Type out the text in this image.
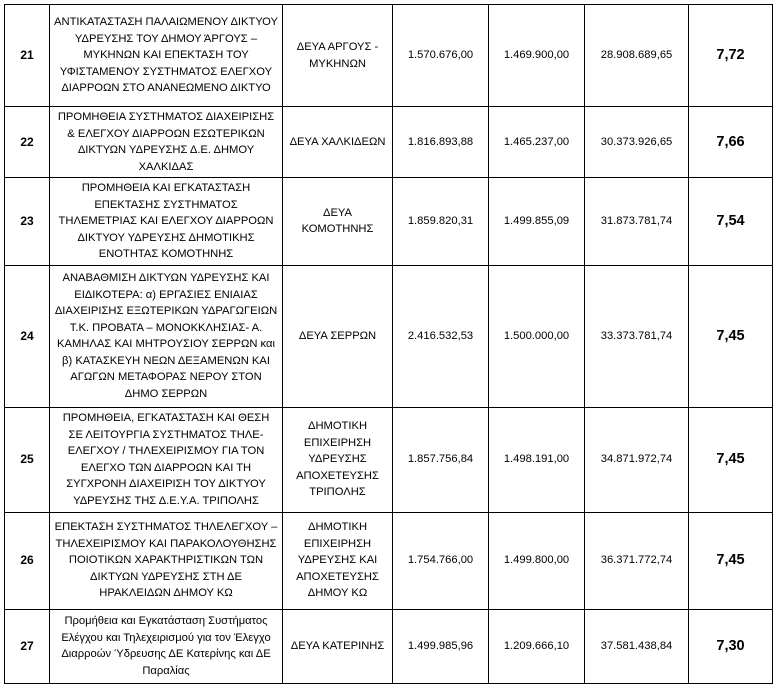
21	ΑΝΤΙΚΑΤΑΣΤΑΣΗ ΠΑΛΑΙΩΜΕΝΟΥ ΔΙΚΤΥΟΥ ΥΔΡΕΥΣΗΣ ΤΟΥ ΔΗΜΟΥ ΆΡΓΟΥΣ – ΜΥΚΗΝΩΝ ΚΑΙ ΕΠΕΚΤΑΣΗ ΤΟΥ ΥΦΙΣΤΑΜΕΝΟΥ ΣΥΣΤΗΜΑΤΟΣ ΕΛΕΓΧΟΥ ΔΙΑΡΡΟΩΝ ΣΤΟ ΑΝΑΝΕΩΜΕΝΟ ΔΙΚΤΥΟ	ΔΕΥΑ ΑΡΓΟΥΣ - ΜΥΚΗΝΩΝ	1.570.676,00	1.469.900,00	28.908.689,65	7,72
22	ΠΡΟΜΗΘΕΙΑ ΣΥΣΤΗΜΑΤΟΣ ΔΙΑΧΕΙΡΙΣΗΣ & ΕΛΕΓΧΟΥ ΔΙΑΡΡΟΩΝ ΕΣΩΤΕΡΙΚΩΝ ΔΙΚΤΥΩΝ ΥΔΡΕΥΣΗΣ Δ.Ε. ΔΗΜΟΥ ΧΑΛΚΙΔΑΣ	ΔΕΥΑ ΧΑΛΚΙΔΕΩΝ	1.816.893,88	1.465.237,00	30.373.926,65	7,66
23	ΠΡΟΜΗΘΕΙΑ ΚΑΙ ΕΓΚΑΤΑΣΤΑΣΗ ΕΠΕΚΤΑΣΗΣ ΣΥΣΤΗΜΑΤΟΣ ΤΗΛΕΜΕΤΡΙΑΣ ΚΑΙ ΕΛΕΓΧΟΥ ΔΙΑΡΡΟΩΝ ΔΙΚΤΥΟΥ ΥΔΡΕΥΣΗΣ ΔΗΜΟΤΙΚΗΣ ΕΝΟΤΗΤΑΣ ΚΟΜΟΤΗΝΗΣ	ΔΕΥΑ ΚΟΜΟΤΗΝΗΣ	1.859.820,31	1.499.855,09	31.873.781,74	7,54
24	ΑΝΑΒΑΘΜΙΣΗ ΔΙΚΤΥΩΝ ΥΔΡΕΥΣΗΣ ΚΑΙ ΕΙΔΙΚΟΤΕΡΑ: α) ΕΡΓΑΣΙΕΣ ΕΝΙΑΙΑΣ ΔΙΑΧΕΙΡΙΣΗΣ ΕΞΩΤΕΡΙΚΩΝ ΥΔΡΑΓΩΓΕΙΩΝ Τ.Κ. ΠΡΟΒΑΤΑ – ΜΟΝΟΚΚΛΗΣΙΑΣ- Α. ΚΑΜΗΛΑΣ ΚΑΙ ΜΗΤΡΟΥΣΙΟΥ ΣΕΡΡΩΝ και β) ΚΑΤΑΣΚΕΥΗ ΝΕΩΝ ΔΕΞΑΜΕΝΩΝ ΚΑΙ ΑΓΩΓΩΝ ΜΕΤΑΦΟΡΑΣ ΝΕΡΟΥ ΣΤΟΝ ΔΗΜΟ ΣΕΡΡΩΝ	ΔΕΥΑ ΣΕΡΡΩΝ	2.416.532,53	1.500.000,00	33.373.781,74	7,45
25	ΠΡΟΜΗΘΕΙΑ, ΕΓΚΑΤΑΣΤΑΣΗ ΚΑΙ ΘΕΣΗ ΣΕ ΛΕΙΤΟΥΡΓΙΑ ΣΥΣΤΗΜΑΤΟΣ ΤΗΛΕ-ΕΛΕΓΧΟΥ / ΤΗΛΕΧΕΙΡΙΣΜΟΥ ΓΙΑ ΤΟΝ ΕΛΕΓΧΟ ΤΩΝ ΔΙΑΡΡΟΩΝ ΚΑΙ ΤΗ ΣΥΓΧΡΟΝΗ ΔΙΑΧΕΙΡΙΣΗ ΤΟΥ ΔΙΚΤΥΟΥ ΥΔΡΕΥΣΗΣ ΤΗΣ Δ.Ε.Υ.Α. ΤΡΙΠΟΛΗΣ	ΔΗΜΟΤΙΚΗ ΕΠΙΧΕΙΡΗΣΗ ΥΔΡΕΥΣΗΣ ΑΠΟΧΕΤΕΥΣΗΣ ΤΡΙΠΟΛΗΣ	1.857.756,84	1.498.191,00	34.871.972,74	7,45
26	ΕΠΕΚΤΑΣΗ ΣΥΣΤΗΜΑΤΟΣ ΤΗΛΕΛΕΓΧΟΥ – ΤΗΛΕΧΕΙΡΙΣΜΟΥ ΚΑΙ ΠΑΡΑΚΟΛΟΥΘΗΣΗΣ ΠΟΙΟΤΙΚΩΝ ΧΑΡΑΚΤΗΡΙΣΤΙΚΩΝ ΤΩΝ ΔΙΚΤΥΩΝ ΥΔΡΕΥΣΗΣ ΣΤΗ ΔΕ ΗΡΑΚΛΕΙΔΩΝ ΔΗΜΟΥ ΚΩ	ΔΗΜΟΤΙΚΗ ΕΠΙΧΕΙΡΗΣΗ ΥΔΡΕΥΣΗΣ ΚΑΙ ΑΠΟΧΕΤΕΥΣΗΣ ΔΗΜΟΥ ΚΩ	1.754.766,00	1.499.800,00	36.371.772,74	7,45
27	Προμήθεια και Εγκατάσταση Συστήματος Ελέγχου και Τηλεχειρισμού για τον Έλεγχο Διαρροών Ύδρευσης ΔΕ Κατερίνης και ΔΕ Παραλίας	ΔΕΥΑ ΚΑΤΕΡΙΝΗΣ	1.499.985,96	1.209.666,10	37.581.438,84	7,30
